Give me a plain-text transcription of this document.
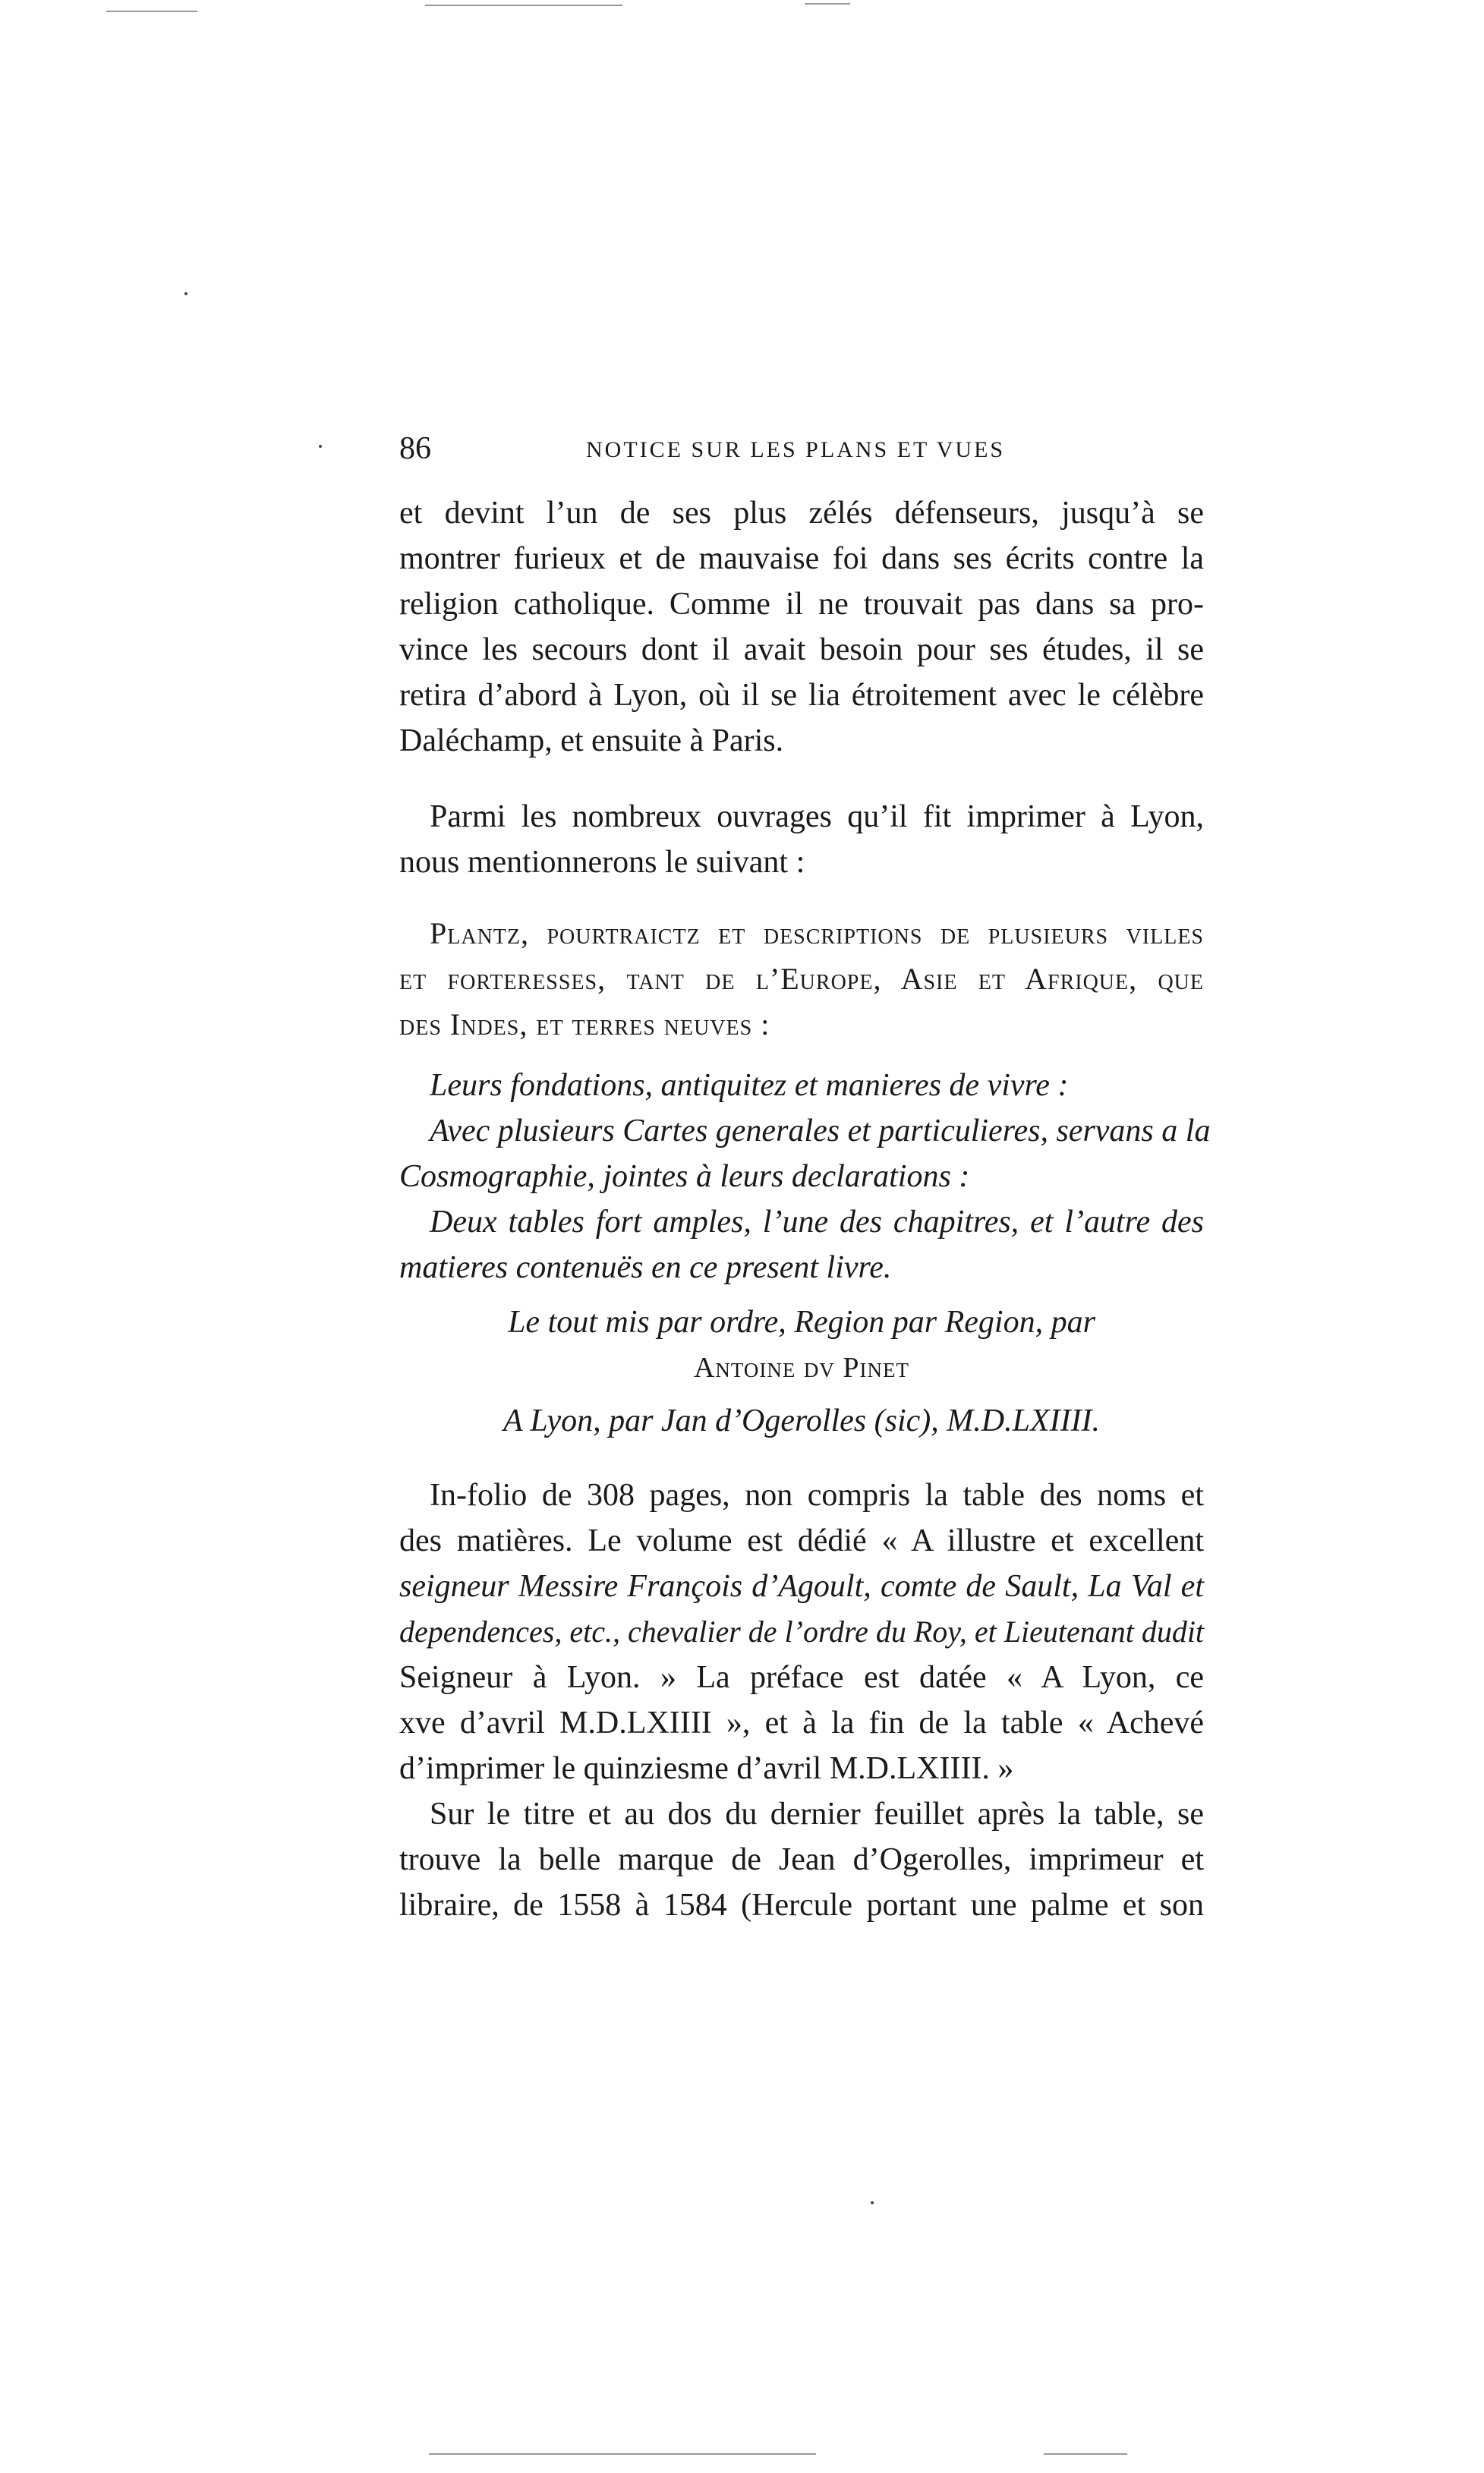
86	NOTICE SUR LES PLANS ET VUES
et devint l’un de ses plus zélés défenseurs, jusqu’à se
montrer furieux et de mauvaise foi dans ses écrits contre la
religion catholique. Comme il ne trouvait pas dans sa pro-
vince les secours dont il avait besoin pour ses études, il se
retira d’abord à Lyon, où il se lia étroitement avec le célèbre
Daléchamp, et ensuite à Paris.
Parmi les nombreux ouvrages qu’il fit imprimer à Lyon,
nous mentionnerons le suivant :
Plantz, pourtraictz et descriptions de plusieurs villes
et forteresses, tant de l’Europe, Asie et Afrique, que
des Indes, et terres neuves :
Leurs fondations, antiquitez et manieres de vivre :
Avec plusieurs Cartes generales et particulieres, servans a la
Cosmographie, jointes à leurs declarations :
Deux tables fort amples, l’une des chapitres, et l’autre des
matieres contenuës en ce present livre.
Le tout mis par ordre, Region par Region, par
Antoine dv Pinet
A Lyon, par Jan d’Ogerolles (sic), M.D.LXIIII.
In-folio de 308 pages, non compris la table des noms et
des matières. Le volume est dédié « A illustre et excellent
seigneur Messire François d’Agoult, comte de Sault, La Val et
dependences, etc., chevalier de l’ordre du Roy, et Lieutenant dudit
Seigneur à Lyon. » La préface est datée « A Lyon, ce
xve d’avril M.D.LXIIII », et à la fin de la table « Achevé
d’imprimer le quinziesme d’avril M.D.LXIIII. »
Sur le titre et au dos du dernier feuillet après la table, se
trouve la belle marque de Jean d’Ogerolles, imprimeur et
libraire, de 1558 à 1584 (Hercule portant une palme et son
